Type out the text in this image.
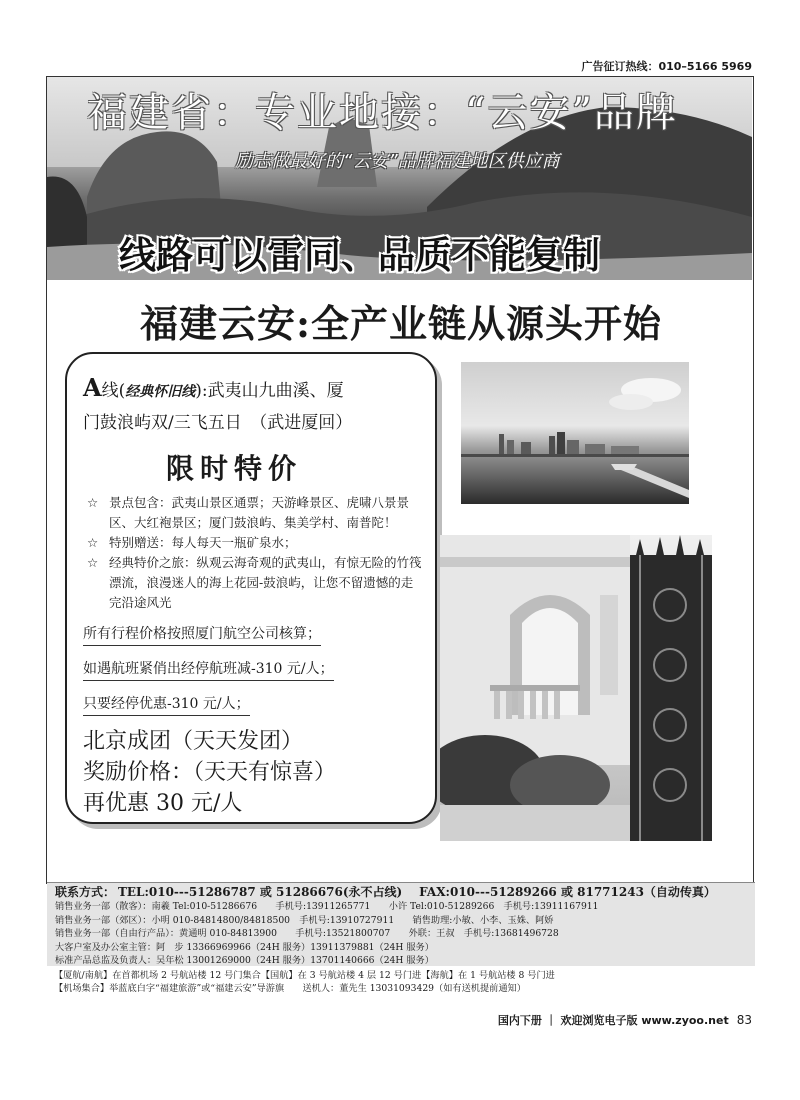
广告征订热线：010–5166 5969
福建省：专业地接：“云安”品牌
励志做最好的“云安”品牌福建地区供应商
线路可以雷同、品质不能复制
福建云安:全产业链从源头开始
A线(经典怀旧线):武夷山九曲溪、厦
门鼓浪屿双/三飞五日　（武进厦回）
限时特价
☆ 景点包含：武夷山景区通票；天游峰景区、虎啸八景景区、大红袍景区；厦门鼓浪屿、集美学村、南普陀！
☆ 特别赠送：每人每天一瓶矿泉水；
☆ 经典特价之旅：纵观云海奇观的武夷山，有惊无险的竹筏漂流，浪漫迷人的海上花园-鼓浪屿，让您不留遗憾的走完沿途风光
所有行程价格按照厦门航空公司核算； 如遇航班紧俏出经停航班减-310 元/人； 只要经停优惠-310 元/人；
北京成团（天天发团）
奖励价格：（天天有惊喜）
再优惠 30 元/人
联系方式： TEL:010---51286787 或 51286676(永不占线) FAX:010---51289266 或 81771243（自动传真）
销售业务一部（散客）：南羲 Tel:010-51286676　　手机号:13911265771　　小许 Tel:010-51289266　手机号:13911167911
销售业务一部（郊区）：小明 010-84814800/84818500　手机号:13910727911　　销售助理:小敏、小李、玉姝、阿娇
销售业务一部（自由行产品）：黄通明 010-84813900　　手机号:13521800707　　外联：王叔　手机号:13681496728
大客户室及办公室主管：阿　步 13366969966（24H 服务）13911379881（24H 服务）
标准产品总监及负责人：吴年松 13001269000（24H 服务）13701140666（24H 服务）
【厦航/南航】在首都机场 2 号航站楼 12 号门集合【国航】在 3 号航站楼 4 层 12 号门进【海航】在 1 号航站楼 8 号门进
【机场集合】举蓝底白字“福建旅游”或“福建云安”导游旗　　送机人：董先生 13031093429（如有送机提前通知）
国内下册 ｜ 欢迎浏览电子版 www.zyoo.net 83
